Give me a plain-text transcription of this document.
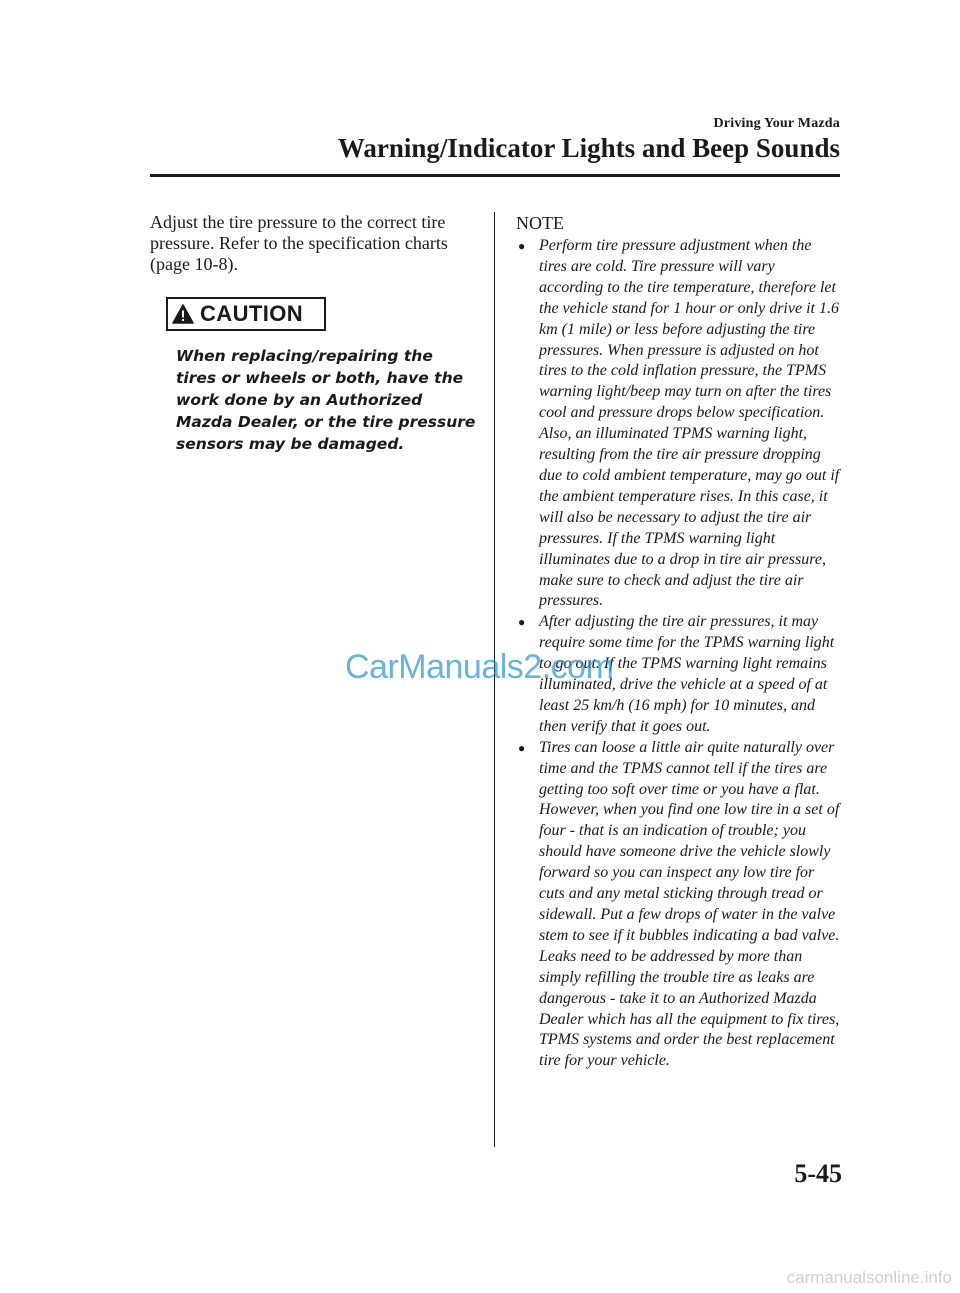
Driving Your Mazda
Warning/Indicator Lights and Beep Sounds

Adjust the tire pressure to the correct tire pressure. Refer to the specification charts (page 10-8).

CAUTION
When replacing/repairing the tires or wheels or both, have the work done by an Authorized Mazda Dealer, or the tire pressure sensors may be damaged.
NOTE
● Perform tire pressure adjustment when the tires are cold. Tire pressure will vary according to the tire temperature, therefore let the vehicle stand for 1 hour or only drive it 1.6 km (1 mile) or less before adjusting the tire pressures. When pressure is adjusted on hot tires to the cold inflation pressure, the TPMS warning light/beep may turn on after the tires cool and pressure drops below specification. Also, an illuminated TPMS warning light, resulting from the tire air pressure dropping due to cold ambient temperature, may go out if the ambient temperature rises. In this case, it will also be necessary to adjust the tire air pressures. If the TPMS warning light illuminates due to a drop in tire air pressure, make sure to check and adjust the tire air pressures.
● After adjusting the tire air pressures, it may require some time for the TPMS warning light to go out. If the TPMS warning light remains illuminated, drive the vehicle at a speed of at least 25 km/h (16 mph) for 10 minutes, and then verify that it goes out.
● Tires can loose a little air quite naturally over time and the TPMS cannot tell if the tires are getting too soft over time or you have a flat. However, when you find one low tire in a set of four - that is an indication of trouble; you should have someone drive the vehicle slowly forward so you can inspect any low tire for cuts and any metal sticking through tread or sidewall. Put a few drops of water in the valve stem to see if it bubbles indicating a bad valve. Leaks need to be addressed by more than simply refilling the trouble tire as leaks are dangerous - take it to an Authorized Mazda Dealer which has all the equipment to fix tires, TPMS systems and order the best replacement tire for your vehicle.
CarManuals2.com
5-45
carmanualsonline.info
